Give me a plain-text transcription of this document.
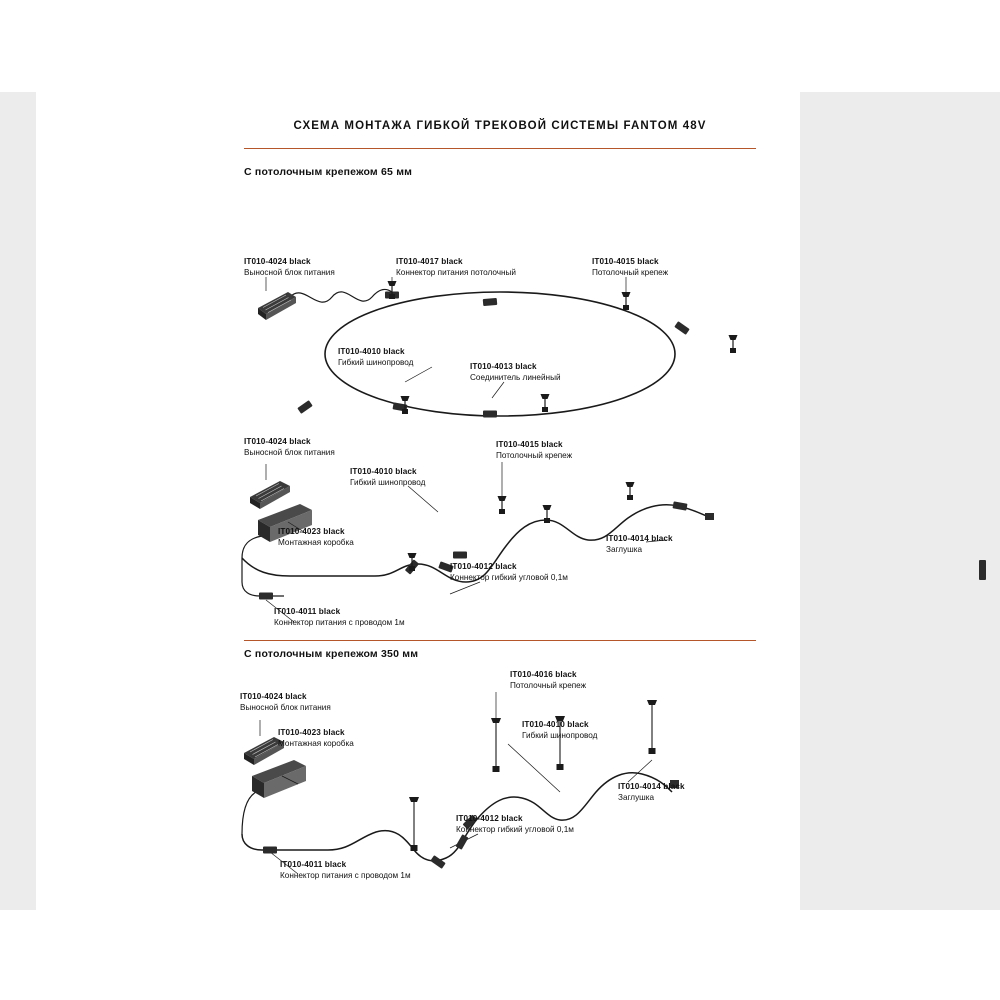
СХЕМА МОНТАЖА ГИБКОЙ ТРЕКОВОЙ СИСТЕМЫ FANTOM 48V
С потолочным крепежом 65 мм
С потолочным крепежом 350 мм
IT010-4024 black
Выносной блок питания
IT010-4017 black
Коннектор питания потолочный
IT010-4015 black
Потолочный крепеж
IT010-4010 black
Гибкий шинопровод	IT010-4013 black
Соединитель линейный
IT010-4024 black
Выносной блок питания
IT010-4010 black
Гибкий шинопровод
IT010-4015 black
Потолочный крепеж
IT010-4023 black
Монтажная коробка	IT010-4014 black
Заглушка
IT010-4012 black
Коннектор гибкий угловой 0,1м
IT010-4011 black
Коннектор питания с проводом 1м
IT010-4024 black
Выносной блок питания
IT010-4023 black
Монтажная коробка
IT010-4016 black
Потолочный крепеж
IT010-4010 black
Гибкий шинопровод
IT010-4014 black
Заглушка
IT010-4012 black
Коннектор гибкий угловой 0,1м
IT010-4011 black
Коннектор питания с проводом 1м
